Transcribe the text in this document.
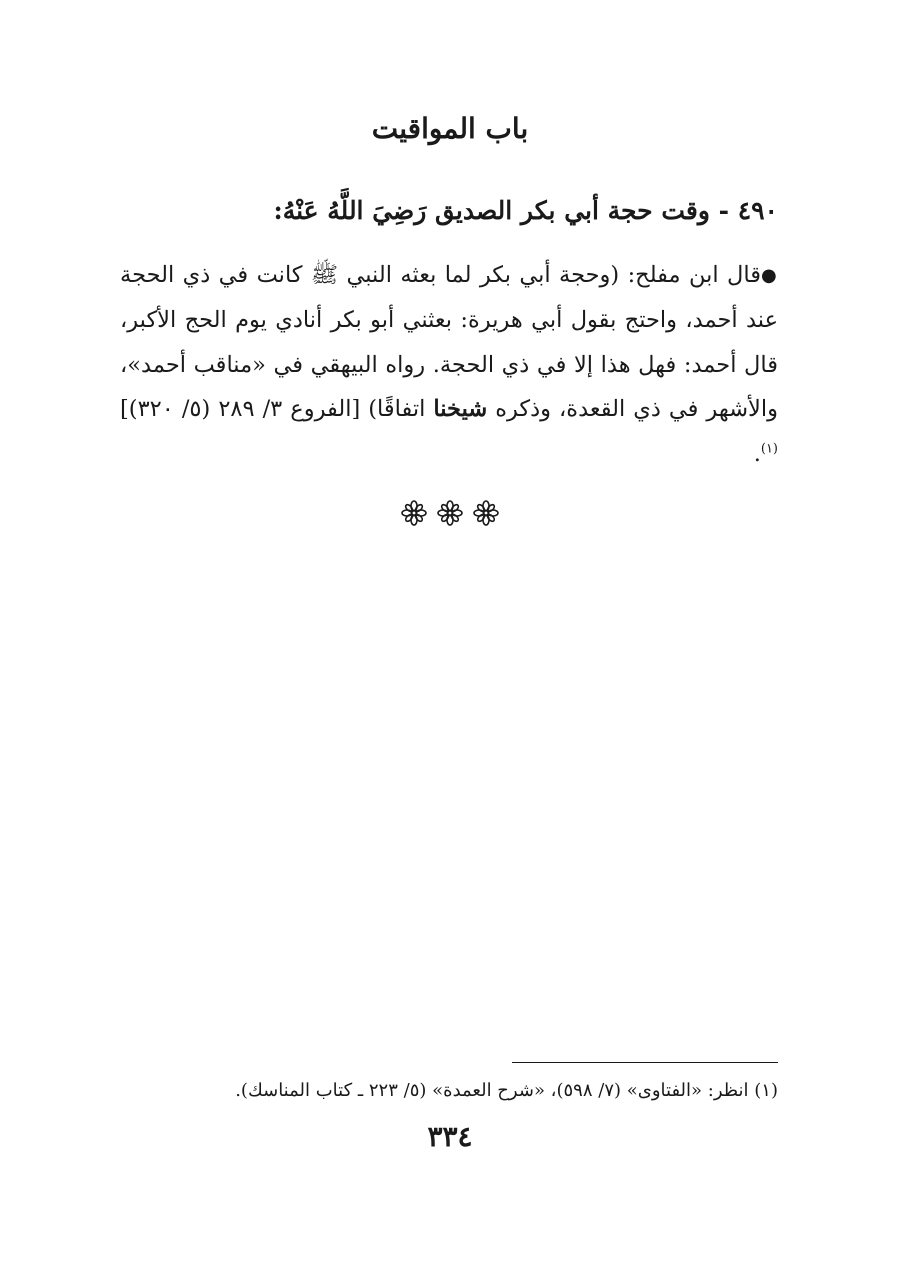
باب المواقيت
٤٩٠ - وقت حجة أبي بكر الصديق رَضِيَ اللَّهُ عَنْهُ:

●قال ابن مفلح: (وحجة أبي بكر لما بعثه النبي ﷺ كانت في ذي الحجة عند أحمد، واحتج بقول أبي هريرة: بعثني أبو بكر أنادي يوم الحج الأكبر، قال أحمد: فهل هذا إلا في ذي الحجة. رواه البيهقي في «مناقب أحمد»، والأشهر في ذي القعدة، وذكره شيخنا اتفاقًا) [الفروع ٣/ ٢٨٩ (٥/ ٣٢٠)]$^{(١)}$.

(١) انظر: «الفتاوى» (٧/ ٥٩٨)، «شرح العمدة» (٥/ ٢٢٣ ـ كتاب المناسك).

٣٣٤
